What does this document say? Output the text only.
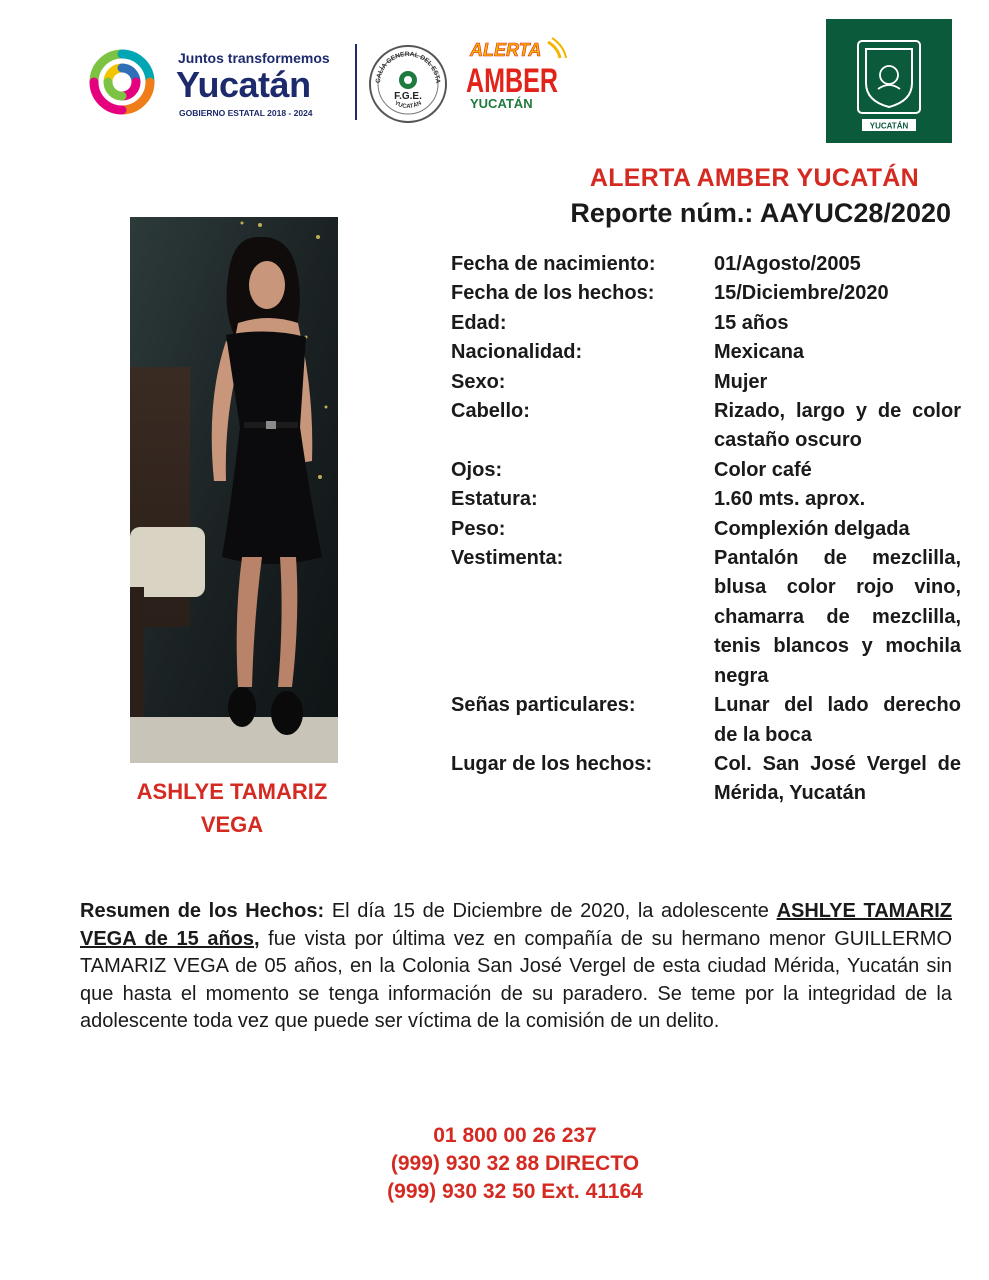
Juntos transformemos
Yucatán
GOBIERNO ESTATAL 2018 - 2024
CALÍA GENERAL DEL ESTA
F.G.E.
YUCATÁN
ALERTA
AMBER
YUCATÁN
YUCATÁN
ALERTA AMBER YUCATÁN
Reporte núm.: AAYUC28/2020
ASHLYE TAMARIZ
VEGA
Fecha de nacimiento:	01/Agosto/2005
Fecha de los hechos:	15/Diciembre/2020
Edad:	15 años
Nacionalidad:	Mexicana
Sexo:	Mujer
Cabello:	Rizado, largo y de color castaño oscuro
Ojos:	Color café
Estatura:	1.60 mts. aprox.
Peso:	Complexión delgada
Vestimenta:	Pantalón de mezclilla, blusa color rojo vino, chamarra de mezclilla, tenis blancos y mochila negra
Señas particulares:	Lunar del lado derecho de la boca
Lugar de los hechos:	Col. San José Vergel de Mérida, Yucatán
Resumen de los Hechos: El día 15 de Diciembre de 2020, la adolescente ASHLYE TAMARIZ VEGA de 15 años, fue vista por última vez en compañía de su hermano menor GUILLERMO TAMARIZ VEGA de 05 años, en la Colonia San José Vergel de esta ciudad Mérida, Yucatán sin que hasta el momento se tenga información de su paradero. Se teme por la integridad de la adolescente toda vez que puede ser víctima de la comisión de un delito.
01 800 00 26 237
(999) 930 32 88 DIRECTO
(999) 930 32 50 Ext. 41164
